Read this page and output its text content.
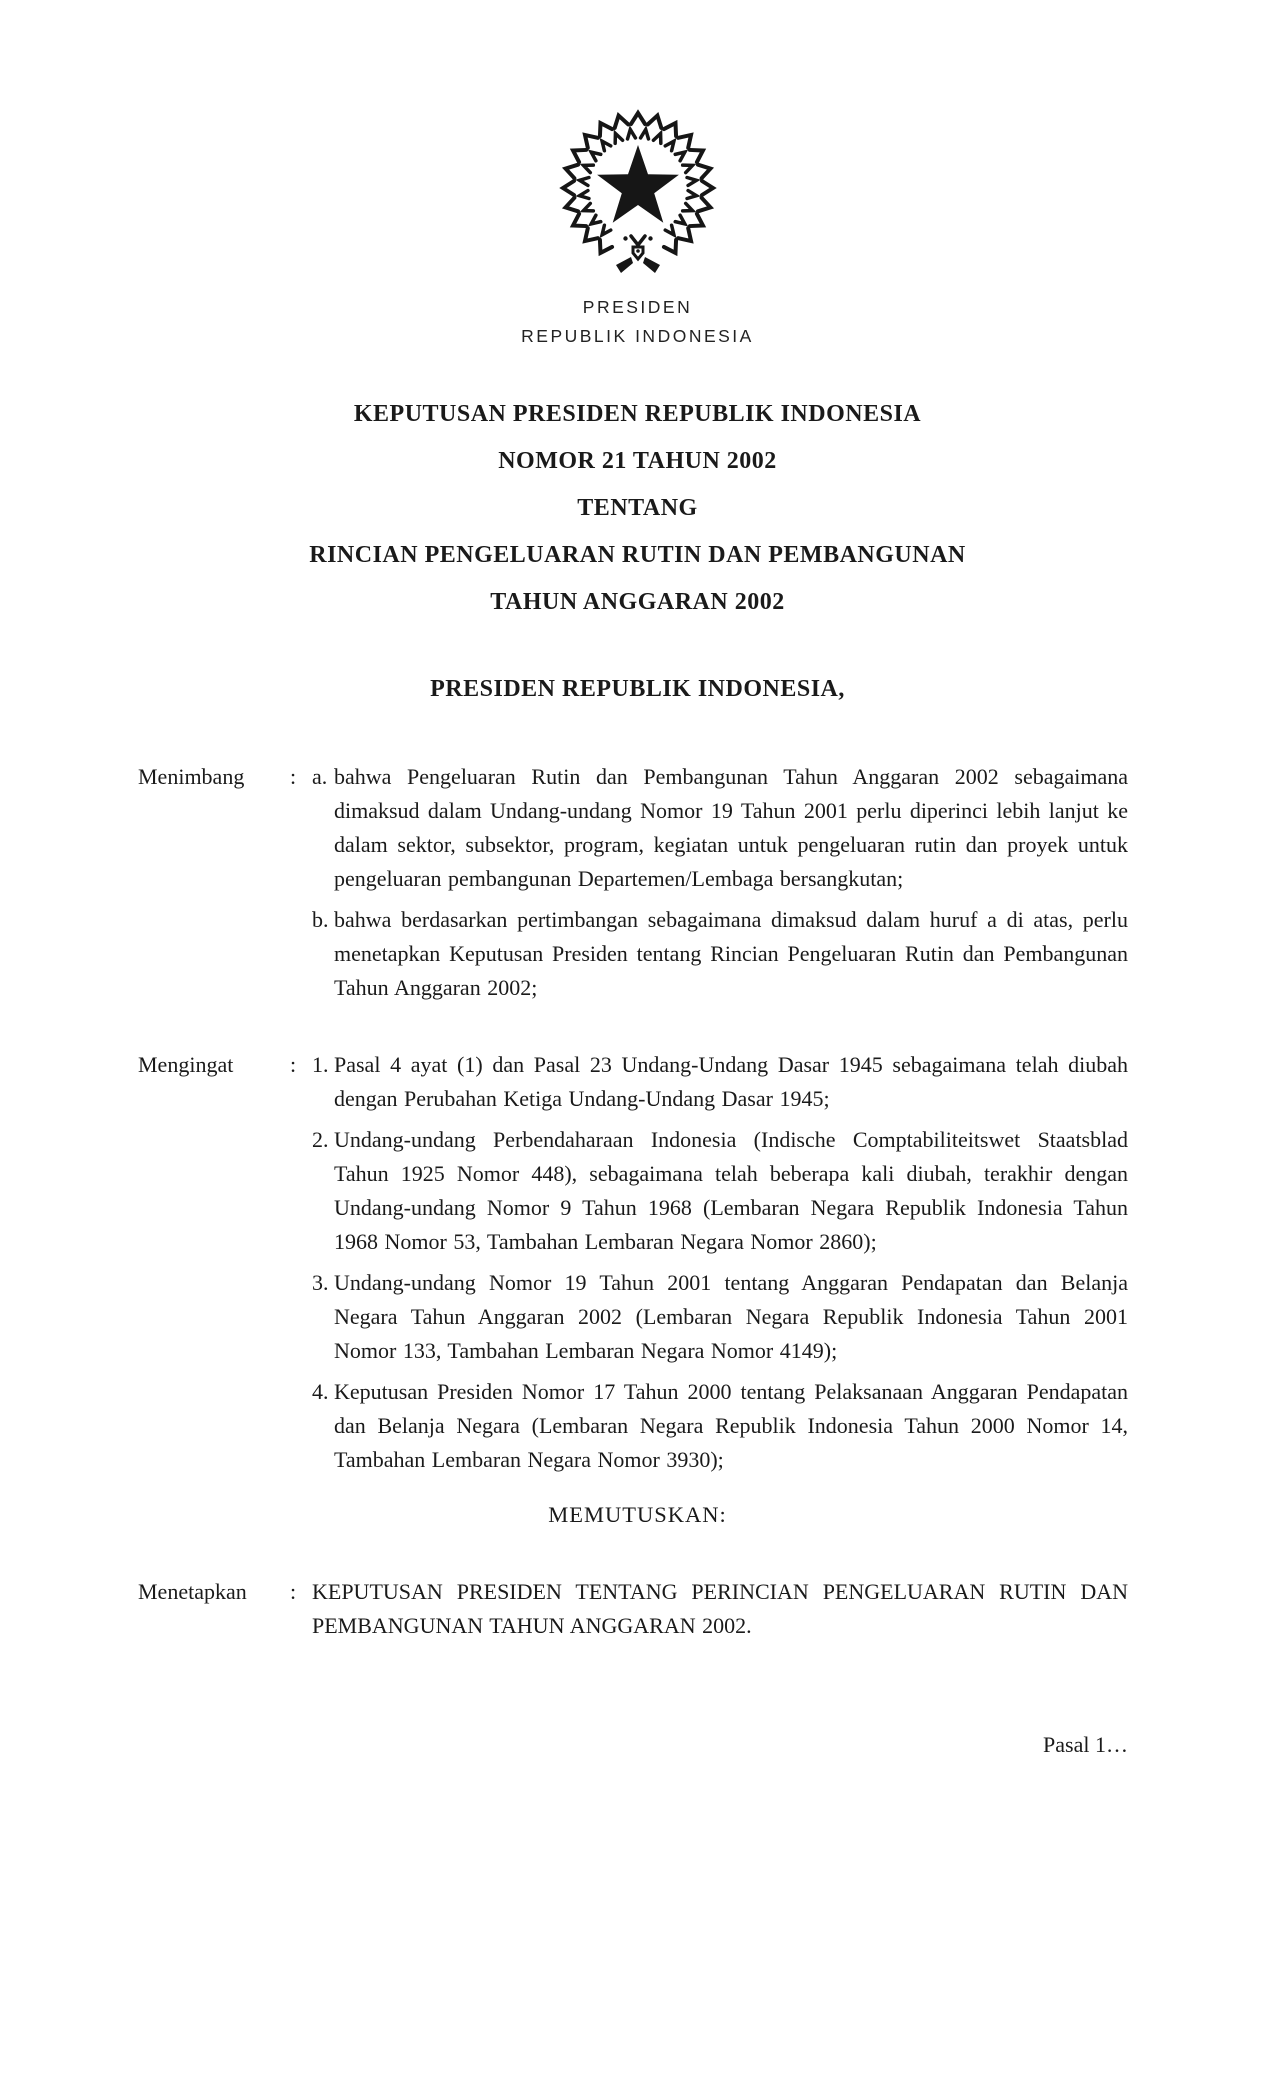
PRESIDEN
REPUBLIK INDONESIA
KEPUTUSAN PRESIDEN REPUBLIK INDONESIA
NOMOR 21 TAHUN 2002
TENTANG
RINCIAN PENGELUARAN RUTIN DAN PEMBANGUNAN
TAHUN ANGGARAN 2002
PRESIDEN REPUBLIK INDONESIA,
Menimbang	: a. bahwa Pengeluaran Rutin dan Pembangunan Tahun Anggaran 2002 sebagaimana dimaksud dalam Undang-undang Nomor 19 Tahun 2001 perlu diperinci lebih lanjut ke dalam sektor, subsektor, program, kegiatan untuk pengeluaran rutin dan proyek untuk pengeluaran pembangunan Departemen/Lembaga bersangkutan;
b. bahwa berdasarkan pertimbangan sebagaimana dimaksud dalam huruf a di atas, perlu menetapkan Keputusan Presiden tentang Rincian Pengeluaran Rutin dan Pembangunan Tahun Anggaran 2002;
Mengingat	: 1. Pasal 4 ayat (1) dan Pasal 23 Undang-Undang Dasar 1945 sebagaimana telah diubah dengan Perubahan Ketiga Undang-Undang Dasar 1945;
2. Undang-undang Perbendaharaan Indonesia (Indische Comptabiliteitswet Staatsblad Tahun 1925 Nomor 448), sebagaimana telah beberapa kali diubah, terakhir dengan Undang-undang Nomor 9 Tahun 1968 (Lembaran Negara Republik Indonesia Tahun 1968 Nomor 53, Tambahan Lembaran Negara Nomor 2860);
3. Undang-undang Nomor 19 Tahun 2001 tentang Anggaran Pendapatan dan Belanja Negara Tahun Anggaran 2002 (Lembaran Negara Republik Indonesia Tahun 2001 Nomor 133, Tambahan Lembaran Negara Nomor 4149);
4. Keputusan Presiden Nomor 17 Tahun 2000 tentang Pelaksanaan Anggaran Pendapatan dan Belanja Negara (Lembaran Negara Republik Indonesia Tahun 2000 Nomor 14, Tambahan Lembaran Negara Nomor 3930);
MEMUTUSKAN:
Menetapkan	: KEPUTUSAN PRESIDEN TENTANG PERINCIAN PENGELUARAN RUTIN DAN PEMBANGUNAN TAHUN ANGGARAN 2002.
Pasal 1…
